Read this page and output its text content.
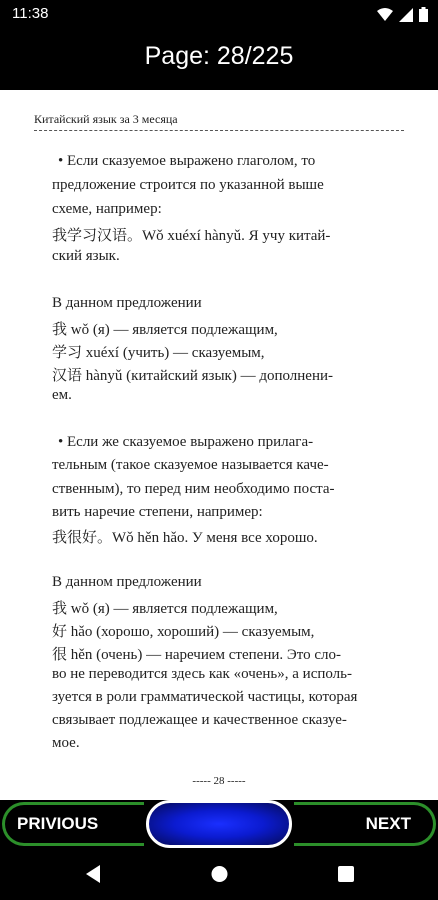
11:38
Page: 28/225
Китайский язык за 3 месяца
• Если сказуемое выражено глаголом, то
предложение строится по указанной выше
схеме, например:
我学习汉语。Wǒ xuéxí hànyǔ. Я учу китай-
ский язык.
В данном предложении
我 wǒ (я) — является подлежащим,
学习 xuéxí (учить) — сказуемым,
汉语 hànyǔ (китайский язык) — дополнени-
ем.
• Если же сказуемое выражено прилага-
тельным (такое сказуемое называется каче-
ственным), то перед ним необходимо поста-
вить наречие степени, например:
我很好。Wǒ hěn hǎo. У меня все хорошо.
В данном предложении
我 wǒ (я) — является подлежащим,
好 hǎo (хорошо, хороший) — сказуемым,
很 hěn (очень) — наречием степени. Это сло-
во не переводится здесь как «очень», а исполь-
зуется в роли грамматической частицы, которая
связывает подлежащее и качественное сказуе-
мое.
----- 28 -----
PRIVIOUS	NEXT
